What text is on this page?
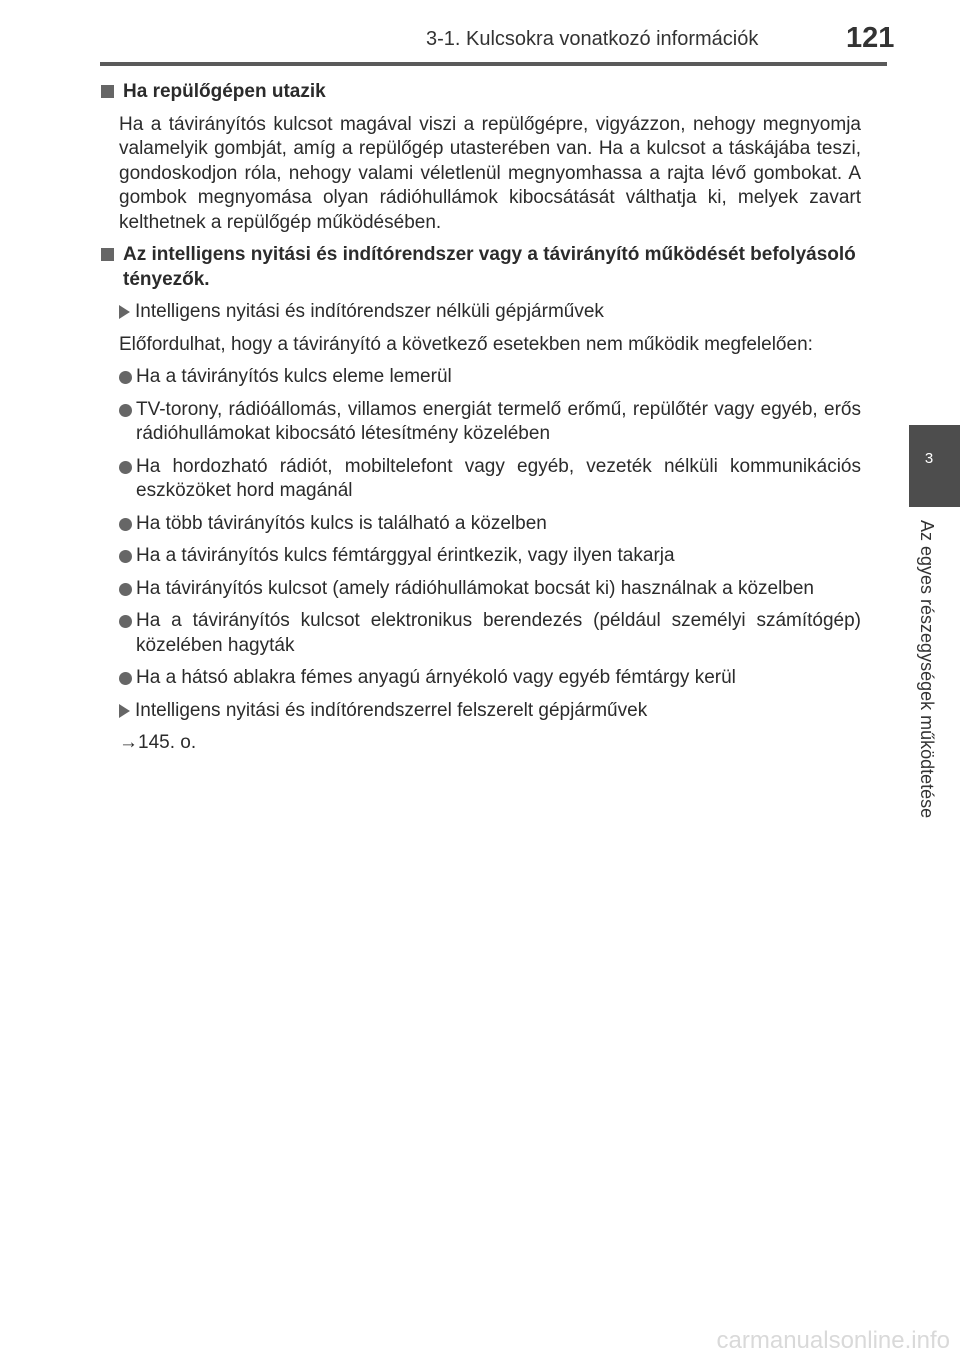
3-1. Kulcsokra vonatkozó információk	121
3
Az egyes részegységek működtetése
Ha repülőgépen utazik

Ha a távirányítós kulcsot magával viszi a repülőgépre, vigyázzon, nehogy megnyomja valamelyik gombját, amíg a repülőgép utasterében van. Ha a kulcsot a táskájába teszi, gondoskodjon róla, nehogy valami véletlenül megnyomhassa a rajta lévő gombokat. A gombok megnyomása olyan rádióhullámok kibocsátását válthatja ki, melyek zavart kelthetnek a repülőgép működésében.

Az intelligens nyitási és indítórendszer vagy a távirányító működését befolyásoló tényezők.
Intelligens nyitási és indítórendszer nélküli gépjárművek

Előfordulhat, hogy a távirányító a következő esetekben nem működik megfelelően:

Ha a távirányítós kulcs eleme lemerül
TV-torony, rádióállomás, villamos energiát termelő erőmű, repülőtér vagy egyéb, erős rádióhullámokat kibocsátó létesítmény közelében
Ha hordozható rádiót, mobiltelefont vagy egyéb, vezeték nélküli kommunikációs eszközöket hord magánál
Ha több távirányítós kulcs is található a közelben
Ha a távirányítós kulcs fémtárggyal érintkezik, vagy ilyen takarja
Ha távirányítós kulcsot (amely rádióhullámokat bocsát ki) használnak a közelben
Ha a távirányítós kulcsot elektronikus berendezés (például személyi számítógép) közelében hagyták
Ha a hátsó ablakra fémes anyagú árnyékoló vagy egyéb fémtárgy kerül
Intelligens nyitási és indítórendszerrel felszerelt gépjárművek

→145. o.

carmanualsonline.info
